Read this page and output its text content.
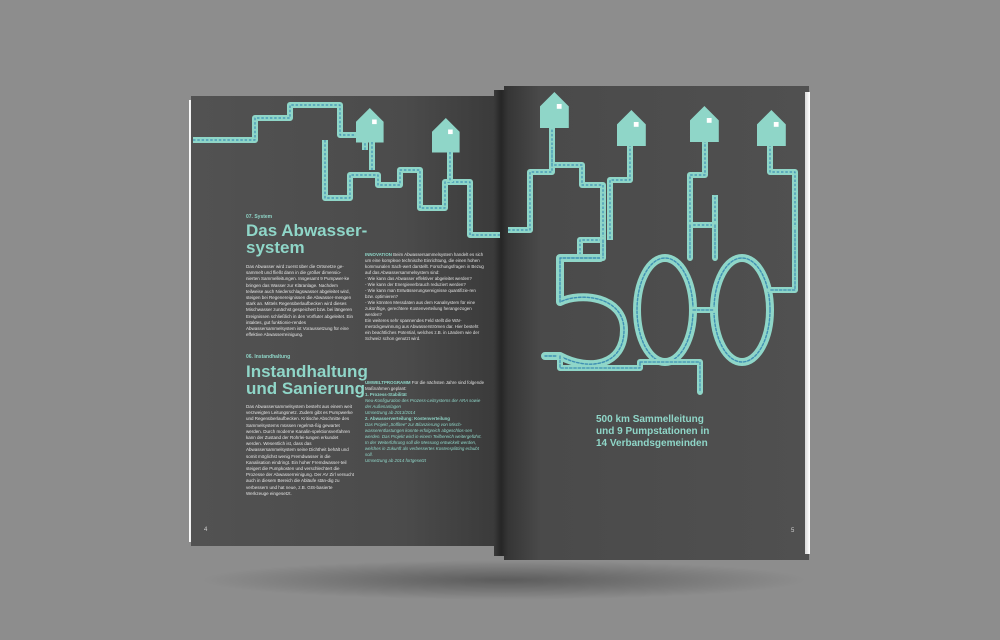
07. System
Das Abwasser-
system
Das Abwasser wird zuerst über die Ortsnetze ge-sammelt und fließt dann in die größer dimensio-nierten Sammelleitungen. Insgesamt 9 Pumpwer-ke bringen das Wasser zur Kläranlage. Nachdem teilweise auch Niederschlagswasser abgeleitet wird, steigen bei Regenereignissen die Abwasser-mengen stark an. Mittels Regenüberlaufbecken wird dieses Mischwasser zunächst gespeichert bzw. bei längeren Ereignissen schließlich in den Vorfluter abgeleitet. Ein intaktes, gut funktionie-rendes Abwassersammelsystem ist Voraussetzung für eine effektive Abwasserreinigung.
06. Instandhaltung
Instandhaltung
und Sanierung
Das Abwassersammelsystem besteht aus einem weit verzweigten Leitungsnetz. Zudem gibt es Pumpwerke und Regenüberlaufbecken. Kritische Abschnitte des Sammelsystems müssen regelmä-ßig gewartet werden. Durch moderne Kanalin-spektionsverfahren kann der Zustand der Rohrlei-tungen erkundet werden. Wesentlich ist, dass das Abwassersammelsystem seine Dichtheit behält und somit möglichst wenig Fremdwasser in die Kanalisation eindringt. Ein hoher Fremdwasser-teil steigert die Pumpkosten und verschlechtert die Prozesse der Abwasserreinigung. Der AV Zirl versucht auch in diesem Bereich die Abläufe stän-dig zu verbessern und hat neue, z.B. GIS-basierte Werkzeuge eingesetzt.
INNOVATION Beim Abwassersammelsystem handelt es sich um eine komplexe technische Einrichtung, die einen hohen kommunalen Sach-wert darstellt. Forschungsfragen in Bezug auf das Abwassersammelsystem sind:
- Wie kann das Abwasser effektiver abgeleitet werden?
- Wie kann der Energieverbrauch reduziert werden?
- Wie kann man Entwässerungsereignisse quantifizie-ren bzw. optimieren?
- Wie könnten Messdaten aus dem Kanalsystem für eine zukünftige, gerechtere Kostenverteilung herangezogen werden?
Ein weiteres sehr spannendes Feld stellt die Wär-merückgewinnung aus Abwasserströmen dar. Hier besteht ein beachtliches Potential, welches z.B. in Ländern wie der Schweiz schon genutzt wird.
UMWELTPROGRAMM Für die nächsten Jahre sind folgende Maßnahmen geplant:
1. Prozess-Stabilität
Neu-Konfiguration des Prozess-Leitsystems der ARA sowie der Außenanlagen
Umsetzung ab 2013/2014
2. Abwasserverteilung: Kostenverteilung
Das Projekt „Soffitee" zur Bilanzierung von Misch-wasserentlastungen konnte erfolgreich abgeschlos-sen werden. Das Projekt wird in einem Teilbereich weitergeführt. In der Weiterführung soll die Messung entwickelt werden, welches in Zukunft als verbessertes Kostensplitting erlaubt soll.
Umsetzung ab 2014 fortgesetzt
4
500 km Sammelleitung
und 9 Pumpstationen in
14 Verbandsgemeinden
5
